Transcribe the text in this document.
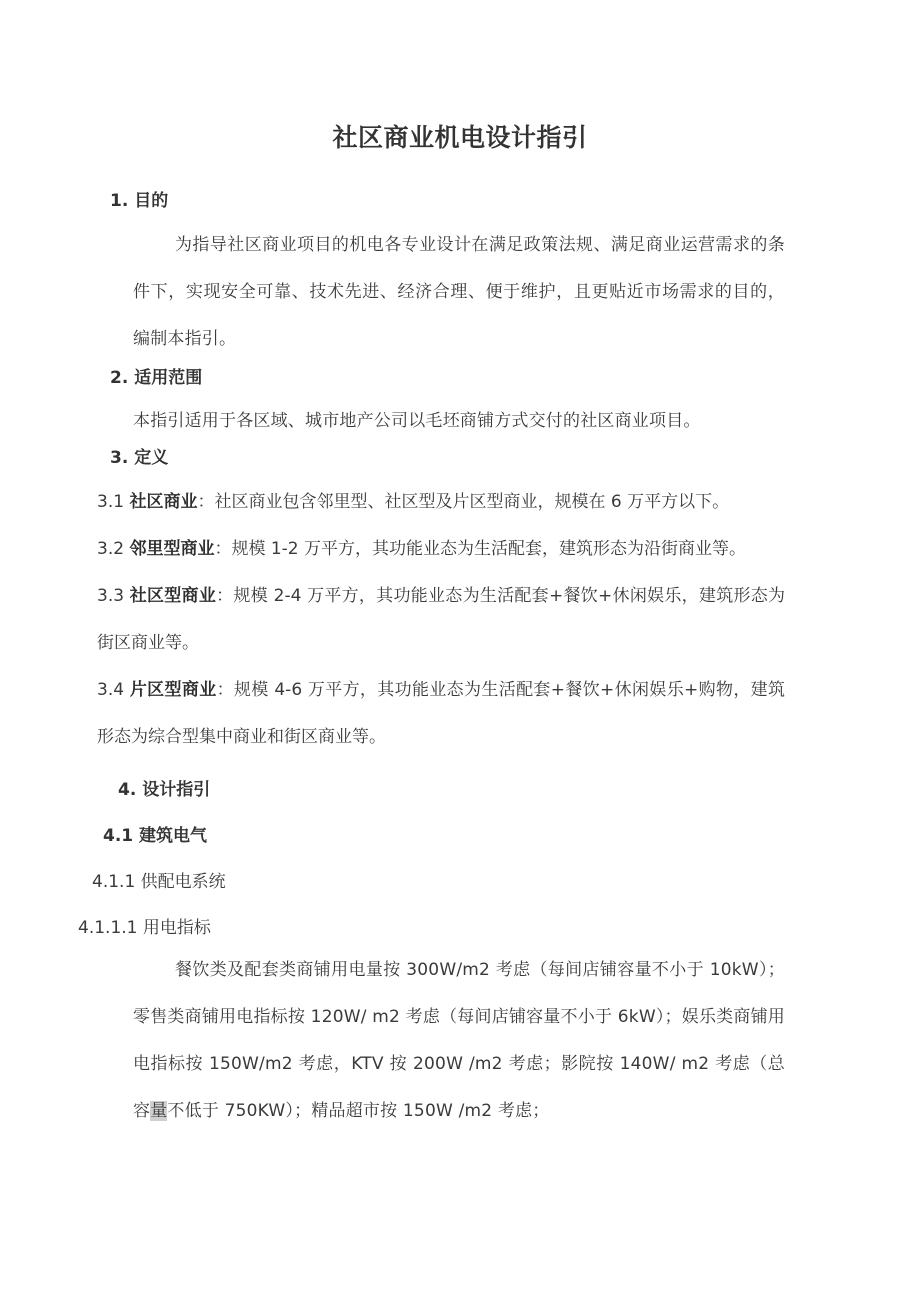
社区商业机电设计指引
1. 目的

为指导社区商业项目的机电各专业设计在满足政策法规、满足商业运营需求的条件下，实现安全可靠、技术先进、经济合理、便于维护，且更贴近市场需求的目的，编制本指引。

2. 适用范围

本指引适用于各区域、城市地产公司以毛坯商铺方式交付的社区商业项目。

3. 定义

3.1 社区商业：社区商业包含邻里型、社区型及片区型商业，规模在 6 万平方以下。

3.2 邻里型商业：规模 1-2 万平方，其功能业态为生活配套，建筑形态为沿街商业等。

3.3 社区型商业：规模 2-4 万平方，其功能业态为生活配套+餐饮+休闲娱乐，建筑形态为街区商业等。

3.4 片区型商业：规模 4-6 万平方，其功能业态为生活配套+餐饮+休闲娱乐+购物，建筑形态为综合型集中商业和街区商业等。

4. 设计指引
4.1 建筑电气
4.1.1 供配电系统
4.1.1.1 用电指标

餐饮类及配套类商铺用电量按 300W/m2 考虑（每间店铺容量不小于 10kW）；零售类商铺用电指标按 120W/ m2 考虑（每间店铺容量不小于 6kW）；娱乐类商铺用电指标按 150W/m2 考虑，KTV 按 200W /m2 考虑；影院按 140W/ m2 考虑（总容量不低于 750KW）；精品超市按 150W /m2 考虑；
